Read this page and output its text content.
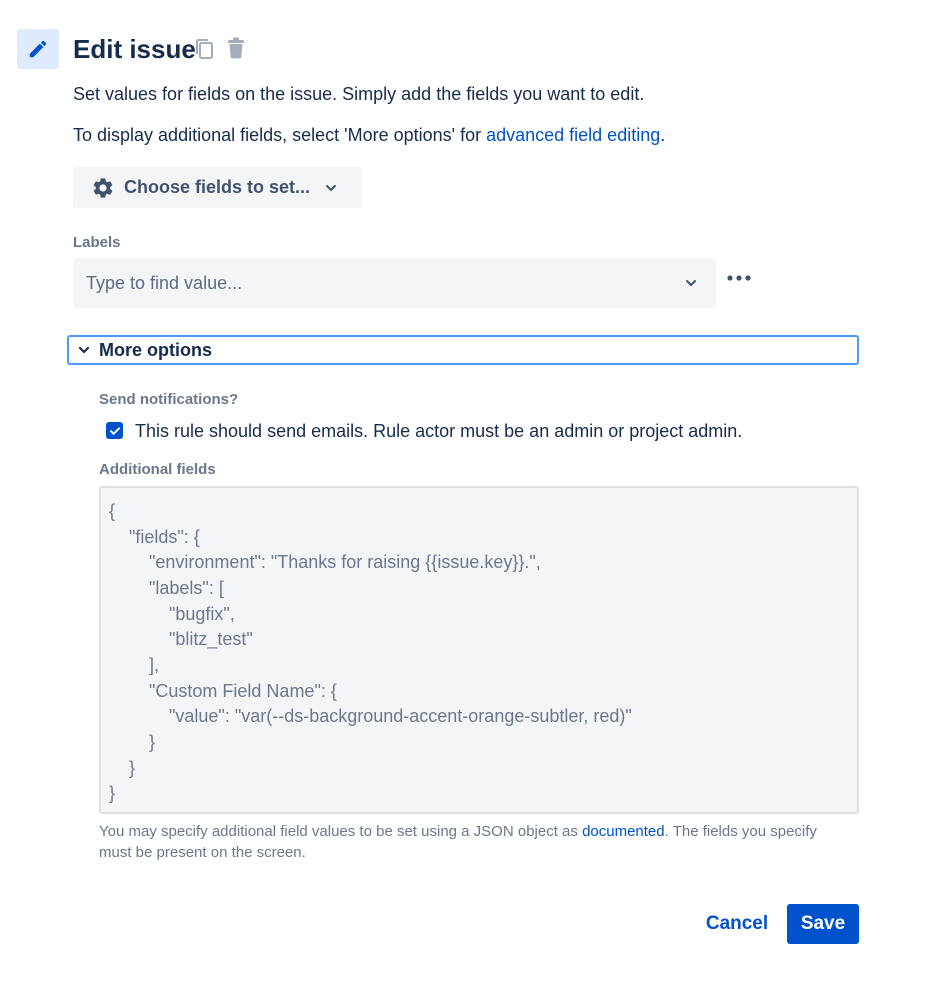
Edit issue
Set values for fields on the issue. Simply add the fields you want to edit.
To display additional fields, select 'More options' for advanced field editing.
Choose fields to set...
Labels
Type to find value...
More options
Send notifications?
This rule should send emails. Rule actor must be an admin or project admin.
Additional fields
{
"fields": {
"environment": "Thanks for raising {{issue.key}}.",
"labels": [
"bugfix",
"blitz_test"
],
"Custom Field Name": {
"value": "var(--ds-background-accent-orange-subtler, red)"
}
}
}
You may specify additional field values to be set using a JSON object as documented. The fields you specify must be present on the screen.
Cancel	Save
